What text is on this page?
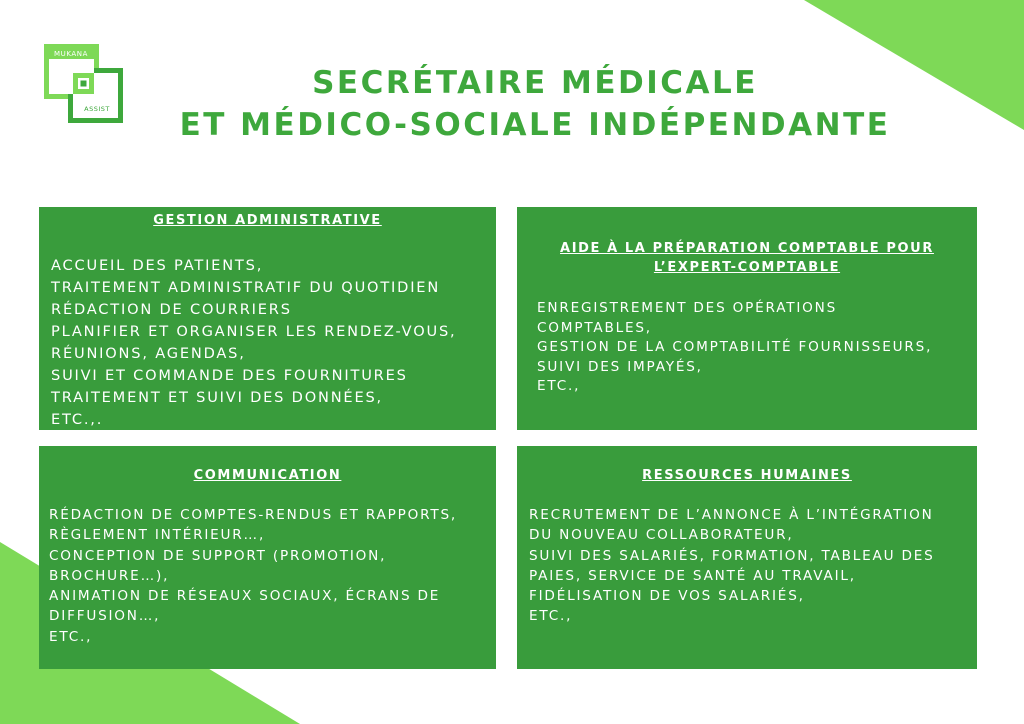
MUKANA
ASSIST
SECRÉTAIRE MÉDICALE
ET MÉDICO-SOCIALE INDÉPENDANTE
GESTION ADMINISTRATIVE
ACCUEIL DES PATIENTS,
TRAITEMENT ADMINISTRATIF DU QUOTIDIEN
RÉDACTION DE COURRIERS
PLANIFIER ET ORGANISER LES RENDEZ-VOUS,
RÉUNIONS, AGENDAS,
SUIVI ET COMMANDE DES FOURNITURES
TRAITEMENT ET SUIVI DES DONNÉES,
ETC.,.
AIDE À LA PRÉPARATION COMPTABLE POUR
L’EXPERT-COMPTABLE
ENREGISTREMENT DES OPÉRATIONS
COMPTABLES,
GESTION DE LA COMPTABILITÉ FOURNISSEURS,
SUIVI DES IMPAYÉS,
ETC.,
COMMUNICATION
RÉDACTION DE COMPTES-RENDUS ET RAPPORTS,
RÈGLEMENT INTÉRIEUR…,
CONCEPTION DE SUPPORT (PROMOTION,
BROCHURE…),
ANIMATION DE RÉSEAUX SOCIAUX, ÉCRANS DE
DIFFUSION…,
ETC.,
RESSOURCES HUMAINES
RECRUTEMENT DE L’ANNONCE À L’INTÉGRATION
DU NOUVEAU COLLABORATEUR,
SUIVI DES SALARIÉS, FORMATION, TABLEAU DES
PAIES, SERVICE DE SANTÉ AU TRAVAIL,
FIDÉLISATION DE VOS SALARIÉS,
ETC.,
